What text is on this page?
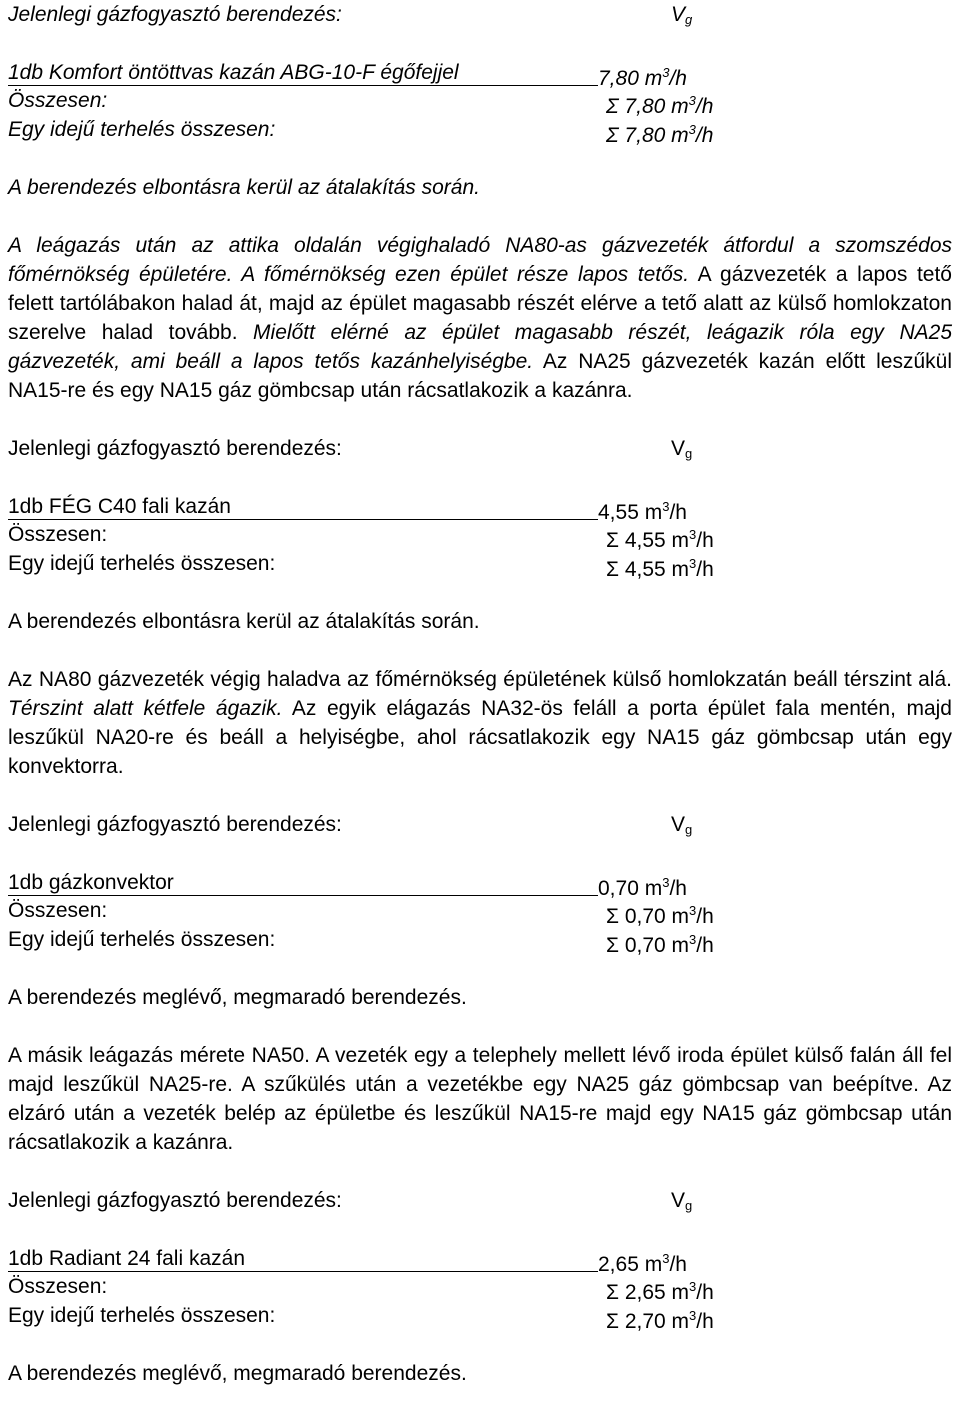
Jelenlegi gázfogyasztó berendezés:	$V_g$
1db Komfort öntöttvas kazán ABG-10-F égőfejjel	7,80 $m^3/h$
Összesen:	Σ 7,80 $m^3/h$
Egy idejű terhelés összesen:	Σ 7,80 $m^3/h$
A berendezés elbontásra kerül az átalakítás során.

A leágazás után az attika oldalán végighaladó NA80-as gázvezeték átfordul a szomszédos főmérnökség épületére. A főmérnökség ezen épület része lapos tetős. A gázvezeték a lapos tető felett tartólábakon halad át, majd az épület magasabb részét elérve a tető alatt az külső homlokzaton szerelve halad tovább. Mielőtt elérné az épület magasabb részét, leágazik róla egy NA25 gázvezeték, ami beáll a lapos tetős kazánhelyiségbe. Az NA25 gázvezeték kazán előtt leszűkül NA15-re és egy NA15 gáz gömbcsap után rácsatlakozik a kazánra.

Jelenlegi gázfogyasztó berendezés:	$V_g$
1db FÉG C40 fali kazán	4,55 $m^3/h$
Összesen:	Σ 4,55 $m^3/h$
Egy idejű terhelés összesen:	Σ 4,55 $m^3/h$
A berendezés elbontásra kerül az átalakítás során.

Az NA80 gázvezeték végig haladva az főmérnökség épületének külső homlokzatán beáll térszint alá. Térszint alatt kétfele ágazik. Az egyik elágazás NA32-ös feláll a porta épület fala mentén, majd leszűkül NA20-re és beáll a helyiségbe, ahol rácsatlakozik egy NA15 gáz gömbcsap után egy konvektorra.

Jelenlegi gázfogyasztó berendezés:	$V_g$
1db gázkonvektor	0,70 $m^3/h$
Összesen:	Σ 0,70 $m^3/h$
Egy idejű terhelés összesen:	Σ 0,70 $m^3/h$
A berendezés meglévő, megmaradó berendezés.

A másik leágazás mérete NA50. A vezeték egy a telephely mellett lévő iroda épület külső falán áll fel majd leszűkül NA25-re. A szűkülés után a vezetékbe egy NA25 gáz gömbcsap van beépítve. Az elzáró után a vezeték belép az épületbe és leszűkül NA15-re majd egy NA15 gáz gömbcsap után rácsatlakozik a kazánra.

Jelenlegi gázfogyasztó berendezés:	$V_g$
1db Radiant 24 fali kazán	2,65 $m^3/h$
Összesen:	Σ 2,65 $m^3/h$
Egy idejű terhelés összesen:	Σ 2,70 $m^3/h$
A berendezés meglévő, megmaradó berendezés.
